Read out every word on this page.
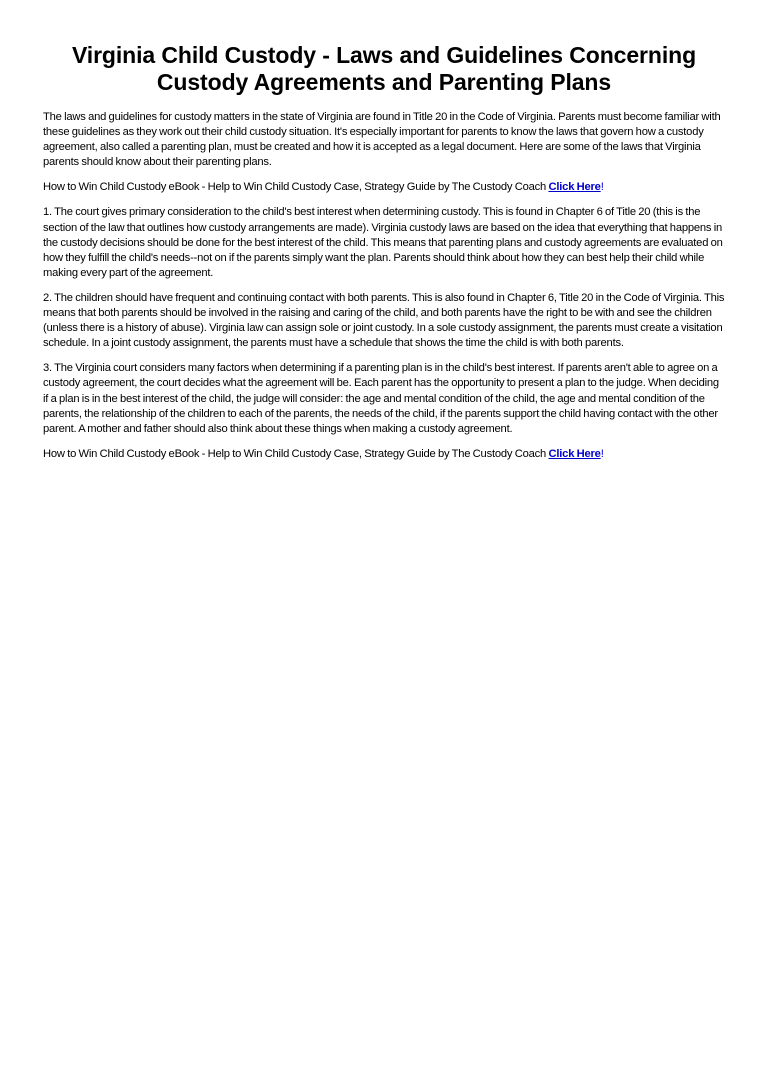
Virginia Child Custody - Laws and Guidelines Concerning Custody Agreements and Parenting Plans

The laws and guidelines for custody matters in the state of Virginia are found in Title 20 in the Code of Virginia. Parents must become familiar with these guidelines as they work out their child custody situation. It's especially important for parents to know the laws that govern how a custody agreement, also called a parenting plan, must be created and how it is accepted as a legal document. Here are some of the laws that Virginia parents should know about their parenting plans.

How to Win Child Custody eBook - Help to Win Child Custody Case, Strategy Guide by The Custody Coach Click Here!

1. The court gives primary consideration to the child's best interest when determining custody. This is found in Chapter 6 of Title 20 (this is the section of the law that outlines how custody arrangements are made). Virginia custody laws are based on the idea that everything that happens in the custody decisions should be done for the best interest of the child. This means that parenting plans and custody agreements are evaluated on how they fulfill the child's needs--not on if the parents simply want the plan. Parents should think about how they can best help their child while making every part of the agreement.

2. The children should have frequent and continuing contact with both parents. This is also found in Chapter 6, Title 20 in the Code of Virginia. This means that both parents should be involved in the raising and caring of the child, and both parents have the right to be with and see the children (unless there is a history of abuse). Virginia law can assign sole or joint custody. In a sole custody assignment, the parents must create a visitation schedule. In a joint custody assignment, the parents must have a schedule that shows the time the child is with both parents.

3. The Virginia court considers many factors when determining if a parenting plan is in the child's best interest. If parents aren't able to agree on a custody agreement, the court decides what the agreement will be. Each parent has the opportunity to present a plan to the judge. When deciding if a plan is in the best interest of the child, the judge will consider: the age and mental condition of the child, the age and mental condition of the parents, the relationship of the children to each of the parents, the needs of the child, if the parents support the child having contact with the other parent. A mother and father should also think about these things when making a custody agreement.

How to Win Child Custody eBook - Help to Win Child Custody Case, Strategy Guide by The Custody Coach Click Here!
